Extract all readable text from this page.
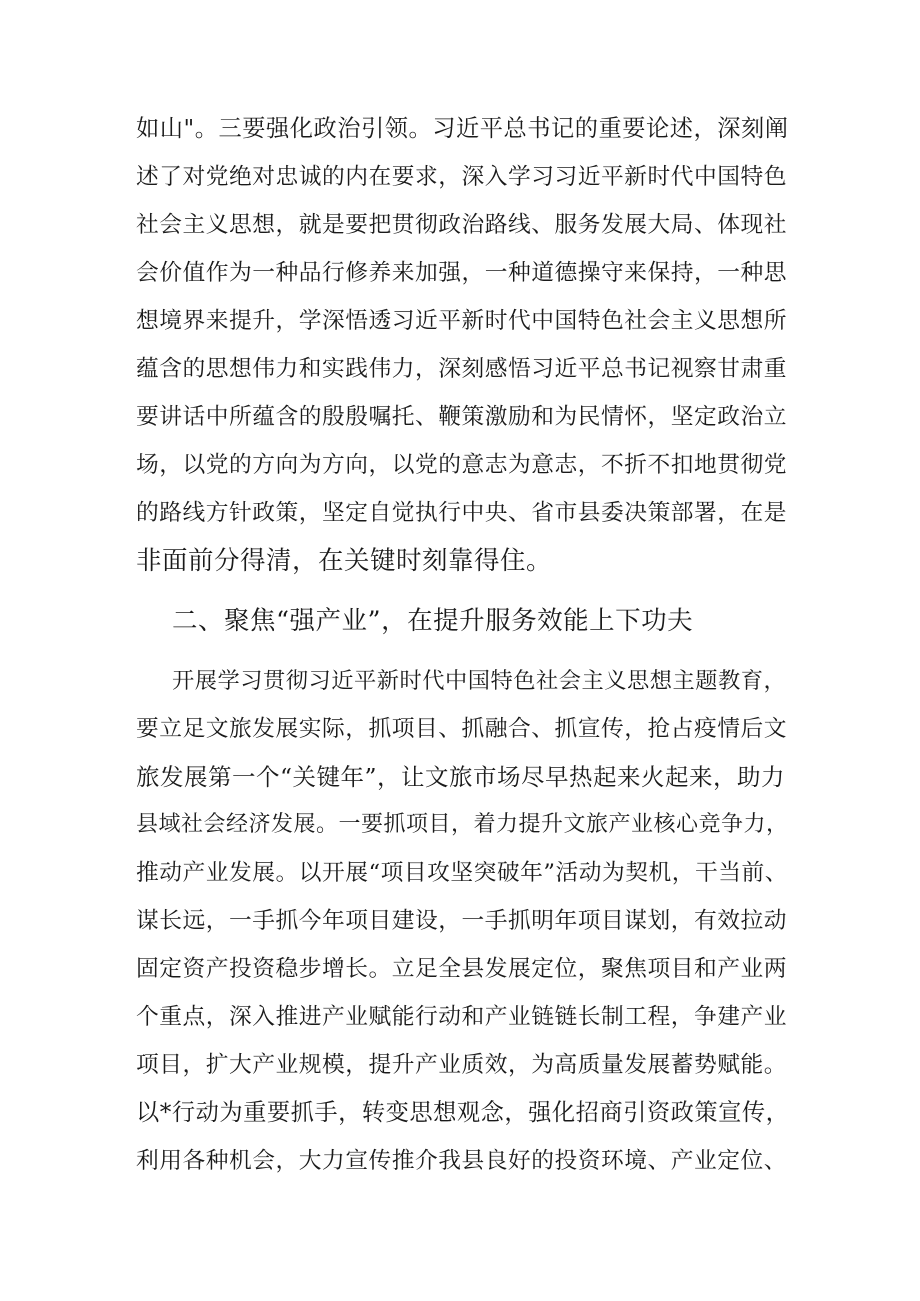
如山"。三要强化政治引领。习近平总书记的重要论述，深刻阐
述了对党绝对忠诚的内在要求，深入学习习近平新时代中国特色
社会主义思想，就是要把贯彻政治路线、服务发展大局、体现社
会价值作为一种品行修养来加强，一种道德操守来保持，一种思
想境界来提升，学深悟透习近平新时代中国特色社会主义思想所
蕴含的思想伟力和实践伟力，深刻感悟习近平总书记视察甘肃重
要讲话中所蕴含的殷殷嘱托、鞭策激励和为民情怀，坚定政治立
场，以党的方向为方向，以党的意志为意志，不折不扣地贯彻党
的路线方针政策，坚定自觉执行中央、省市县委决策部署，在是
非面前分得清，在关键时刻靠得住。
二、聚焦“强产业”，在提升服务效能上下功夫
开展学习贯彻习近平新时代中国特色社会主义思想主题教育，
要立足文旅发展实际，抓项目、抓融合、抓宣传，抢占疫情后文
旅发展第一个“关键年”，让文旅市场尽早热起来火起来，助力
县域社会经济发展。一要抓项目，着力提升文旅产业核心竞争力，
推动产业发展。以开展“项目攻坚突破年”活动为契机，干当前、
谋长远，一手抓今年项目建设，一手抓明年项目谋划，有效拉动
固定资产投资稳步增长。立足全县发展定位，聚焦项目和产业两
个重点，深入推进产业赋能行动和产业链链长制工程，争建产业
项目，扩大产业规模，提升产业质效，为高质量发展蓄势赋能。
以*行动为重要抓手，转变思想观念，强化招商引资政策宣传，
利用各种机会，大力宣传推介我县良好的投资环境、产业定位、
